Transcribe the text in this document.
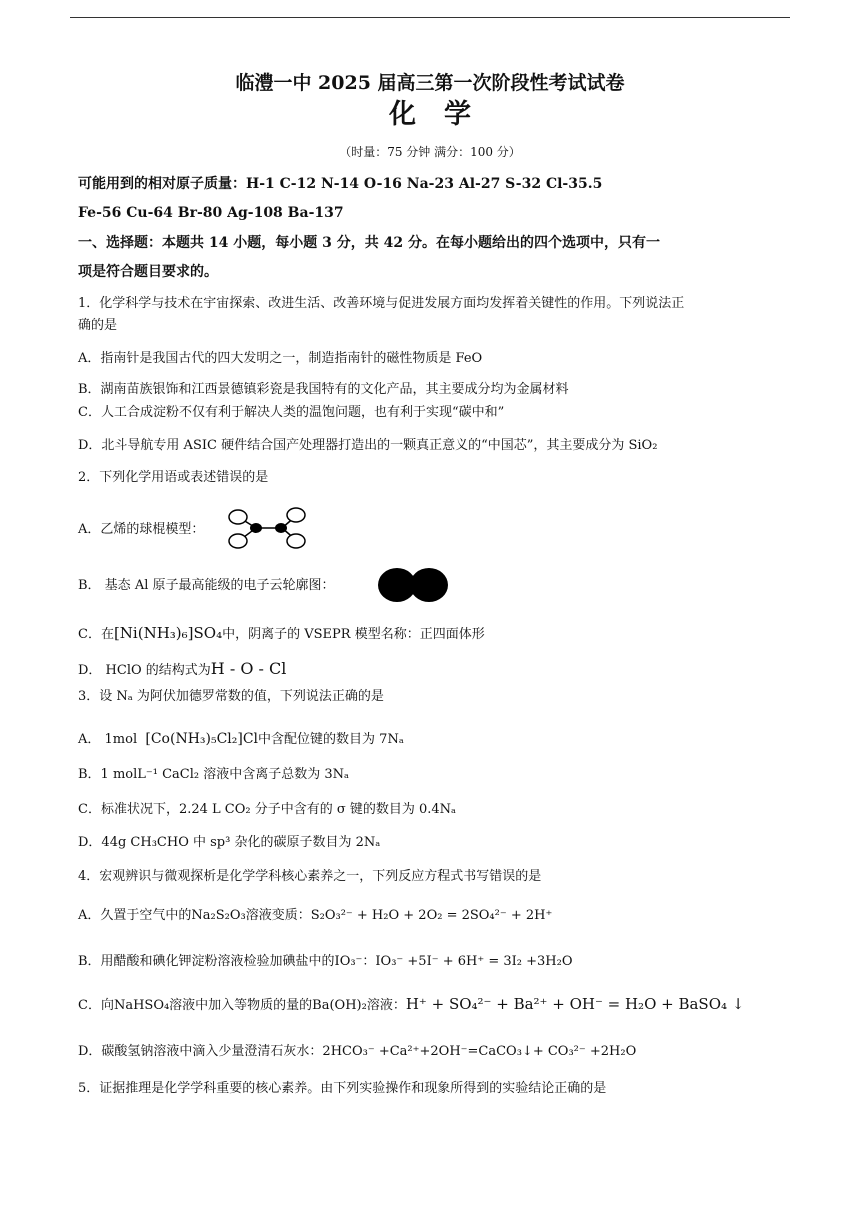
临澧一中 2025 届高三第一次阶段性考试试卷
化学
（时量：75 分钟 满分：100 分）
可能用到的相对原子质量：H-1 C-12 N-14 O-16 Na-23 Al-27 S-32 Cl-35.5
Fe-56 Cu-64 Br-80 Ag-108 Ba-137
一、选择题：本题共 14 小题，每小题 3 分，共 42 分。在每小题给出的四个选项中，只有一
项是符合题目要求的。
1．化学科学与技术在宇宙探索、改进生活、改善环境与促进发展方面均发挥着关键性的作用。下列说法正
确的是
A．指南针是我国古代的四大发明之一，制造指南针的磁性物质是 FeO
B．湖南苗族银饰和江西景德镇彩瓷是我国特有的文化产品，其主要成分均为金属材料
C．人工合成淀粉不仅有利于解决人类的温饱问题，也有利于实现“碳中和”
D．北斗导航专用 ASIC 硬件结合国产处理器打造出的一颗真正意义的“中国芯”，其主要成分为 SiO₂
2．下列化学用语或表述错误的是
A．乙烯的球棍模型：
B． 基态 Al 原子最高能级的电子云轮廓图：
C．在[Ni(NH₃)₆]SO₄中，阴离子的 VSEPR 模型名称：正四面体形
D． HClO 的结构式为H - O - Cl
3．设 Nₐ 为阿伏加德罗常数的值，下列说法正确的是
A． 1mol [Co(NH₃)₅Cl₂]Cl中含配位键的数目为 7Nₐ
B．1 molL⁻¹ CaCl₂ 溶液中含离子总数为 3Nₐ
C．标准状况下，2.24 L CO₂ 分子中含有的 σ 键的数目为 0.4Nₐ
D．44g CH₃CHO 中 sp³ 杂化的碳原子数目为 2Nₐ
4．宏观辨识与微观探析是化学学科核心素养之一，下列反应方程式书写错误的是
A．久置于空气中的Na₂S₂O₃溶液变质：S₂O₃²⁻ + H₂O + 2O₂ = 2SO₄²⁻ + 2H⁺
B．用醋酸和碘化钾淀粉溶液检验加碘盐中的IO₃⁻：IO₃⁻ +5I⁻ + 6H⁺ = 3I₂ +3H₂O
C．向NaHSO₄溶液中加入等物质的量的Ba(OH)₂溶液：H⁺ + SO₄²⁻ + Ba²⁺ + OH⁻ = H₂O + BaSO₄ ↓
D．碳酸氢钠溶液中滴入少量澄清石灰水：2HCO₃⁻ +Ca²⁺+2OH⁻=CaCO₃↓+ CO₃²⁻ +2H₂O
5．证据推理是化学学科重要的核心素养。由下列实验操作和现象所得到的实验结论正确的是
